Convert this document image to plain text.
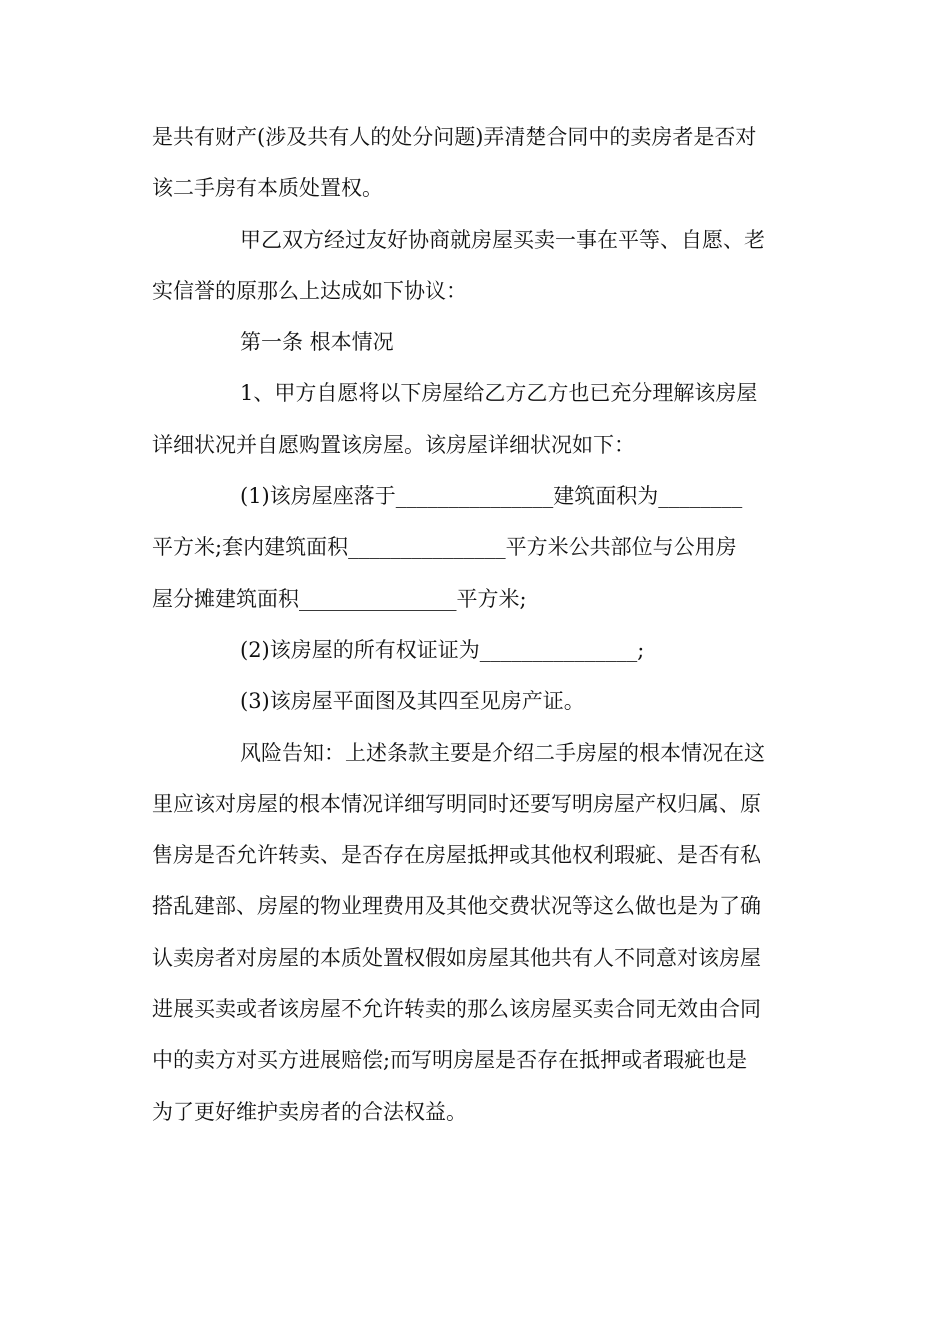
是共有财产(涉及共有人的处分问题)弄清楚合同中的卖房者是否对
该二手房有本质处置权。
甲乙双方经过友好协商就房屋买卖一事在平等、自愿、老
实信誉的原那么上达成如下协议：
第一条 根本情况
1、甲方自愿将以下房屋给乙方乙方也已充分理解该房屋
详细状况并自愿购置该房屋。该房屋详细状况如下：
(1)该房屋座落于_______________建筑面积为________
平方米;套内建筑面积_______________平方米公共部位与公用房
屋分摊建筑面积_______________平方米;
(2)该房屋的所有权证证为_______________;
(3)该房屋平面图及其四至见房产证。
风险告知：上述条款主要是介绍二手房屋的根本情况在这
里应该对房屋的根本情况详细写明同时还要写明房屋产权归属、原
售房是否允许转卖、是否存在房屋抵押或其他权利瑕疵、是否有私
搭乱建部、房屋的物业理费用及其他交费状况等这么做也是为了确
认卖房者对房屋的本质处置权假如房屋其他共有人不同意对该房屋
进展买卖或者该房屋不允许转卖的那么该房屋买卖合同无效由合同
中的卖方对买方进展赔偿;而写明房屋是否存在抵押或者瑕疵也是
为了更好维护卖房者的合法权益。
